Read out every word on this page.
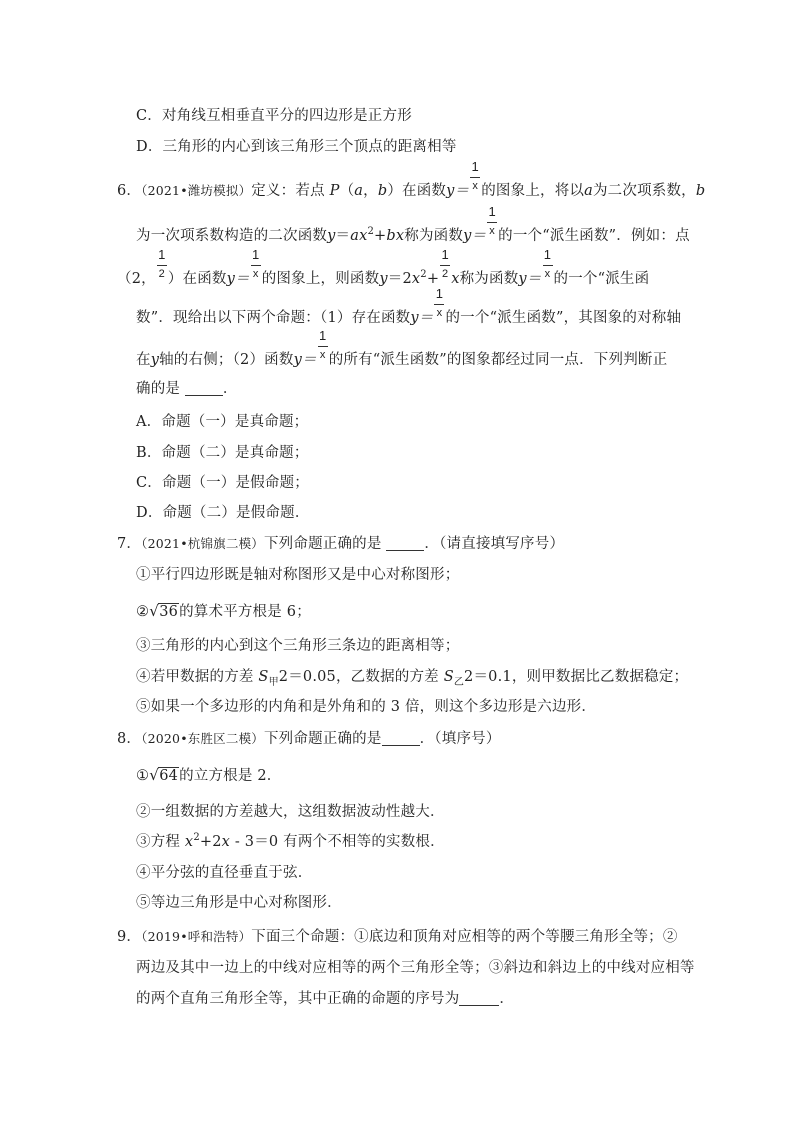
C．对角线互相垂直平分的四边形是正方形
D．三角形的内心到该三角形三个顶点的距离相等
6．（2021•潍坊模拟）定义：若点 P（a，b）在函数$y= \frac{1}{x}$ 的图象上，将以a为二次项系数，b
为一次项系数构造的二次函数$y=ax^2+bx$称为函数$y= \frac{1}{x}$ 的一个“派生函数”．例如：点
（2， $\frac{1}{2}$ ）在函数$y= \frac{1}{x}$ 的图象上，则函数$y=2x^2+ \frac{1}{2}$ x称为函数$y= \frac{1}{x}$ 的一个“派生函
数”．现给出以下两个命题：（1）存在函数$y= \frac{1}{x}$ 的一个“派生函数”，其图象的对称轴
在y轴的右侧；（2）函数$y= \frac{1}{x}$ 的所有“派生函数”的图象都经过同一点．下列判断正
确的是	．
A．命题（一）是真命题；
B．命题（二）是真命题；
C．命题（一）是假命题；
D．命题（二）是假命题．
7．（2021•杭锦旗二模）下列命题正确的是	．（请直接填写序号）
①平行四边形既是轴对称图形又是中心对称图形；
② √ 36的算术平方根是 6；
③三角形的内心到这个三角形三条边的距离相等；
④若甲数据的方差 $S_甲2=0.05$，乙数据的方差 $S_乙2=0.1$，则甲数据比乙数据稳定；
⑤如果一个多边形的内角和是外角和的 3 倍，则这个多边形是六边形．
8．（2020•东胜区二模）下列命题正确的是	．（填序号）
① √ 64的立方根是 2．
②一组数据的方差越大，这组数据波动性越大．
③方程 $x^2+2x$ ‐ 3＝0 有两个不相等的实数根．
④平分弦的直径垂直于弦．
⑤等边三角形是中心对称图形．
9．（2019•呼和浩特）下面三个命题：①底边和顶角对应相等的两个等腰三角形全等；②
两边及其中一边上的中线对应相等的两个三角形全等；③斜边和斜边上的中线对应相等
的两个直角三角形全等，其中正确的命题的序号为	．
